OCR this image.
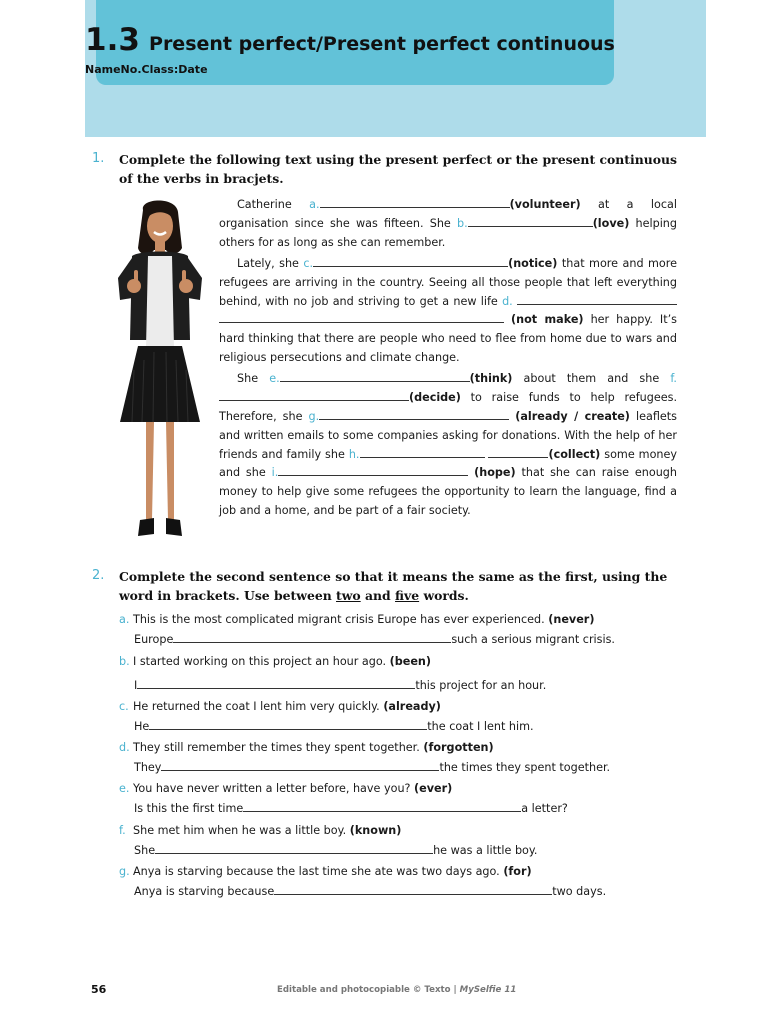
1.3 Present perfect/Present perfect continuous
NameNo.Class:Date
1. Complete the following text using the present perfect or the present continuous of the verbs in bracjets.

Catherine a.	(volunteer) at a local organisation since she was fifteen. She b.	(love) helping others for as long as she can remember.

Lately, she c.	(notice) that more and more refugees are arriving in the country. Seeing all those people that left everything behind, with no job and striving to get a new life d.   (not make) her happy. It’s hard thinking that there are people who need to flee from home due to wars and religious persecutions and climate change.

She e.	(think) about them and she f.(decide) to raise funds to help refugees. Therefore, she g.	(already / create) leaflets and written emails to some companies asking for donations. With the help of her friends and family she h.	(collect) some money and she i.	(hope) that she can raise enough money to help give some refugees the opportunity to learn the language, find a job and a home, and be part of a fair society.

2. Complete the second sentence so that it means the same as the first, using the word in brackets. Use between two and five words.
a. This is the most complicated migrant crisis Europe has ever experienced. (never)
Europe	such a serious migrant crisis.
b. I started working on this project an hour ago. (been)
I	this project for an hour.
c. He returned the coat I lent him very quickly. (already)
He	the coat I lent him.
d. They still remember the times they spent together. (forgotten)
They	the times they spent together.
e. You have never written a letter before, have you? (ever)
Is this the first time	a letter?
f. She met him when he was a little boy. (known)
She	he was a little boy.
g. Anya is starving because the last time she ate was two days ago. (for)
Anya is starving because	two days.
56	Editable and photocopiable © Texto | MySelfie 11
